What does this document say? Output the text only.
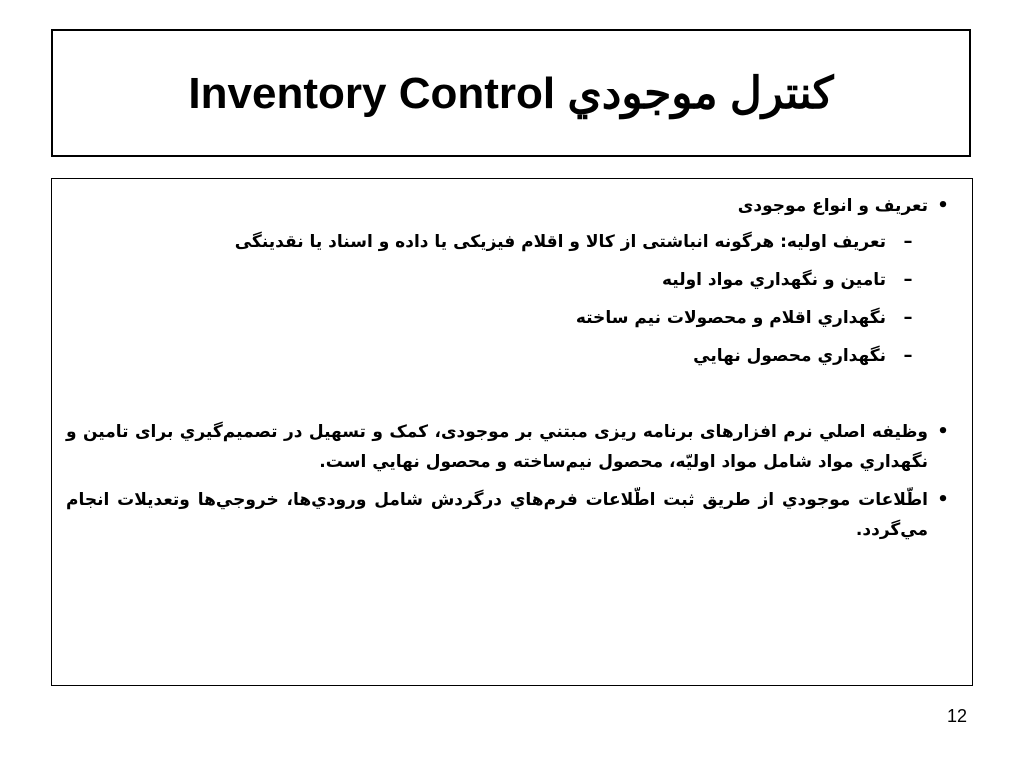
Inventory Control كنترل موجودي
•
تعريف و انواع موجودی
–
تعريف اوليه: هرگونه انباشتی از كالا و اقلام فيزيكی يا داده و اسناد يا نقدينگی
–
تامين و نگهداري مواد اوليه
–
نگهداري اقلام و محصولات نيم ساخته
–
نگهداري محصول نهايي
•
وظيفه اصلي نرم افزارهای برنامه ريزی مبتني بر موجودی، كمک و تسهيل در تصميم‌گيري برای تامين و نگهداري مواد شامل مواد اوليّه، محصول نيم‌ساخته و محصول نهايي است.
•
اطّلاعات موجودي از طريق ثبت اطّلاعات فرم‌هاي درگردش شامل ورودي‌ها، خروجي‌ها وتعديلات انجام مي‌گردد.
12
